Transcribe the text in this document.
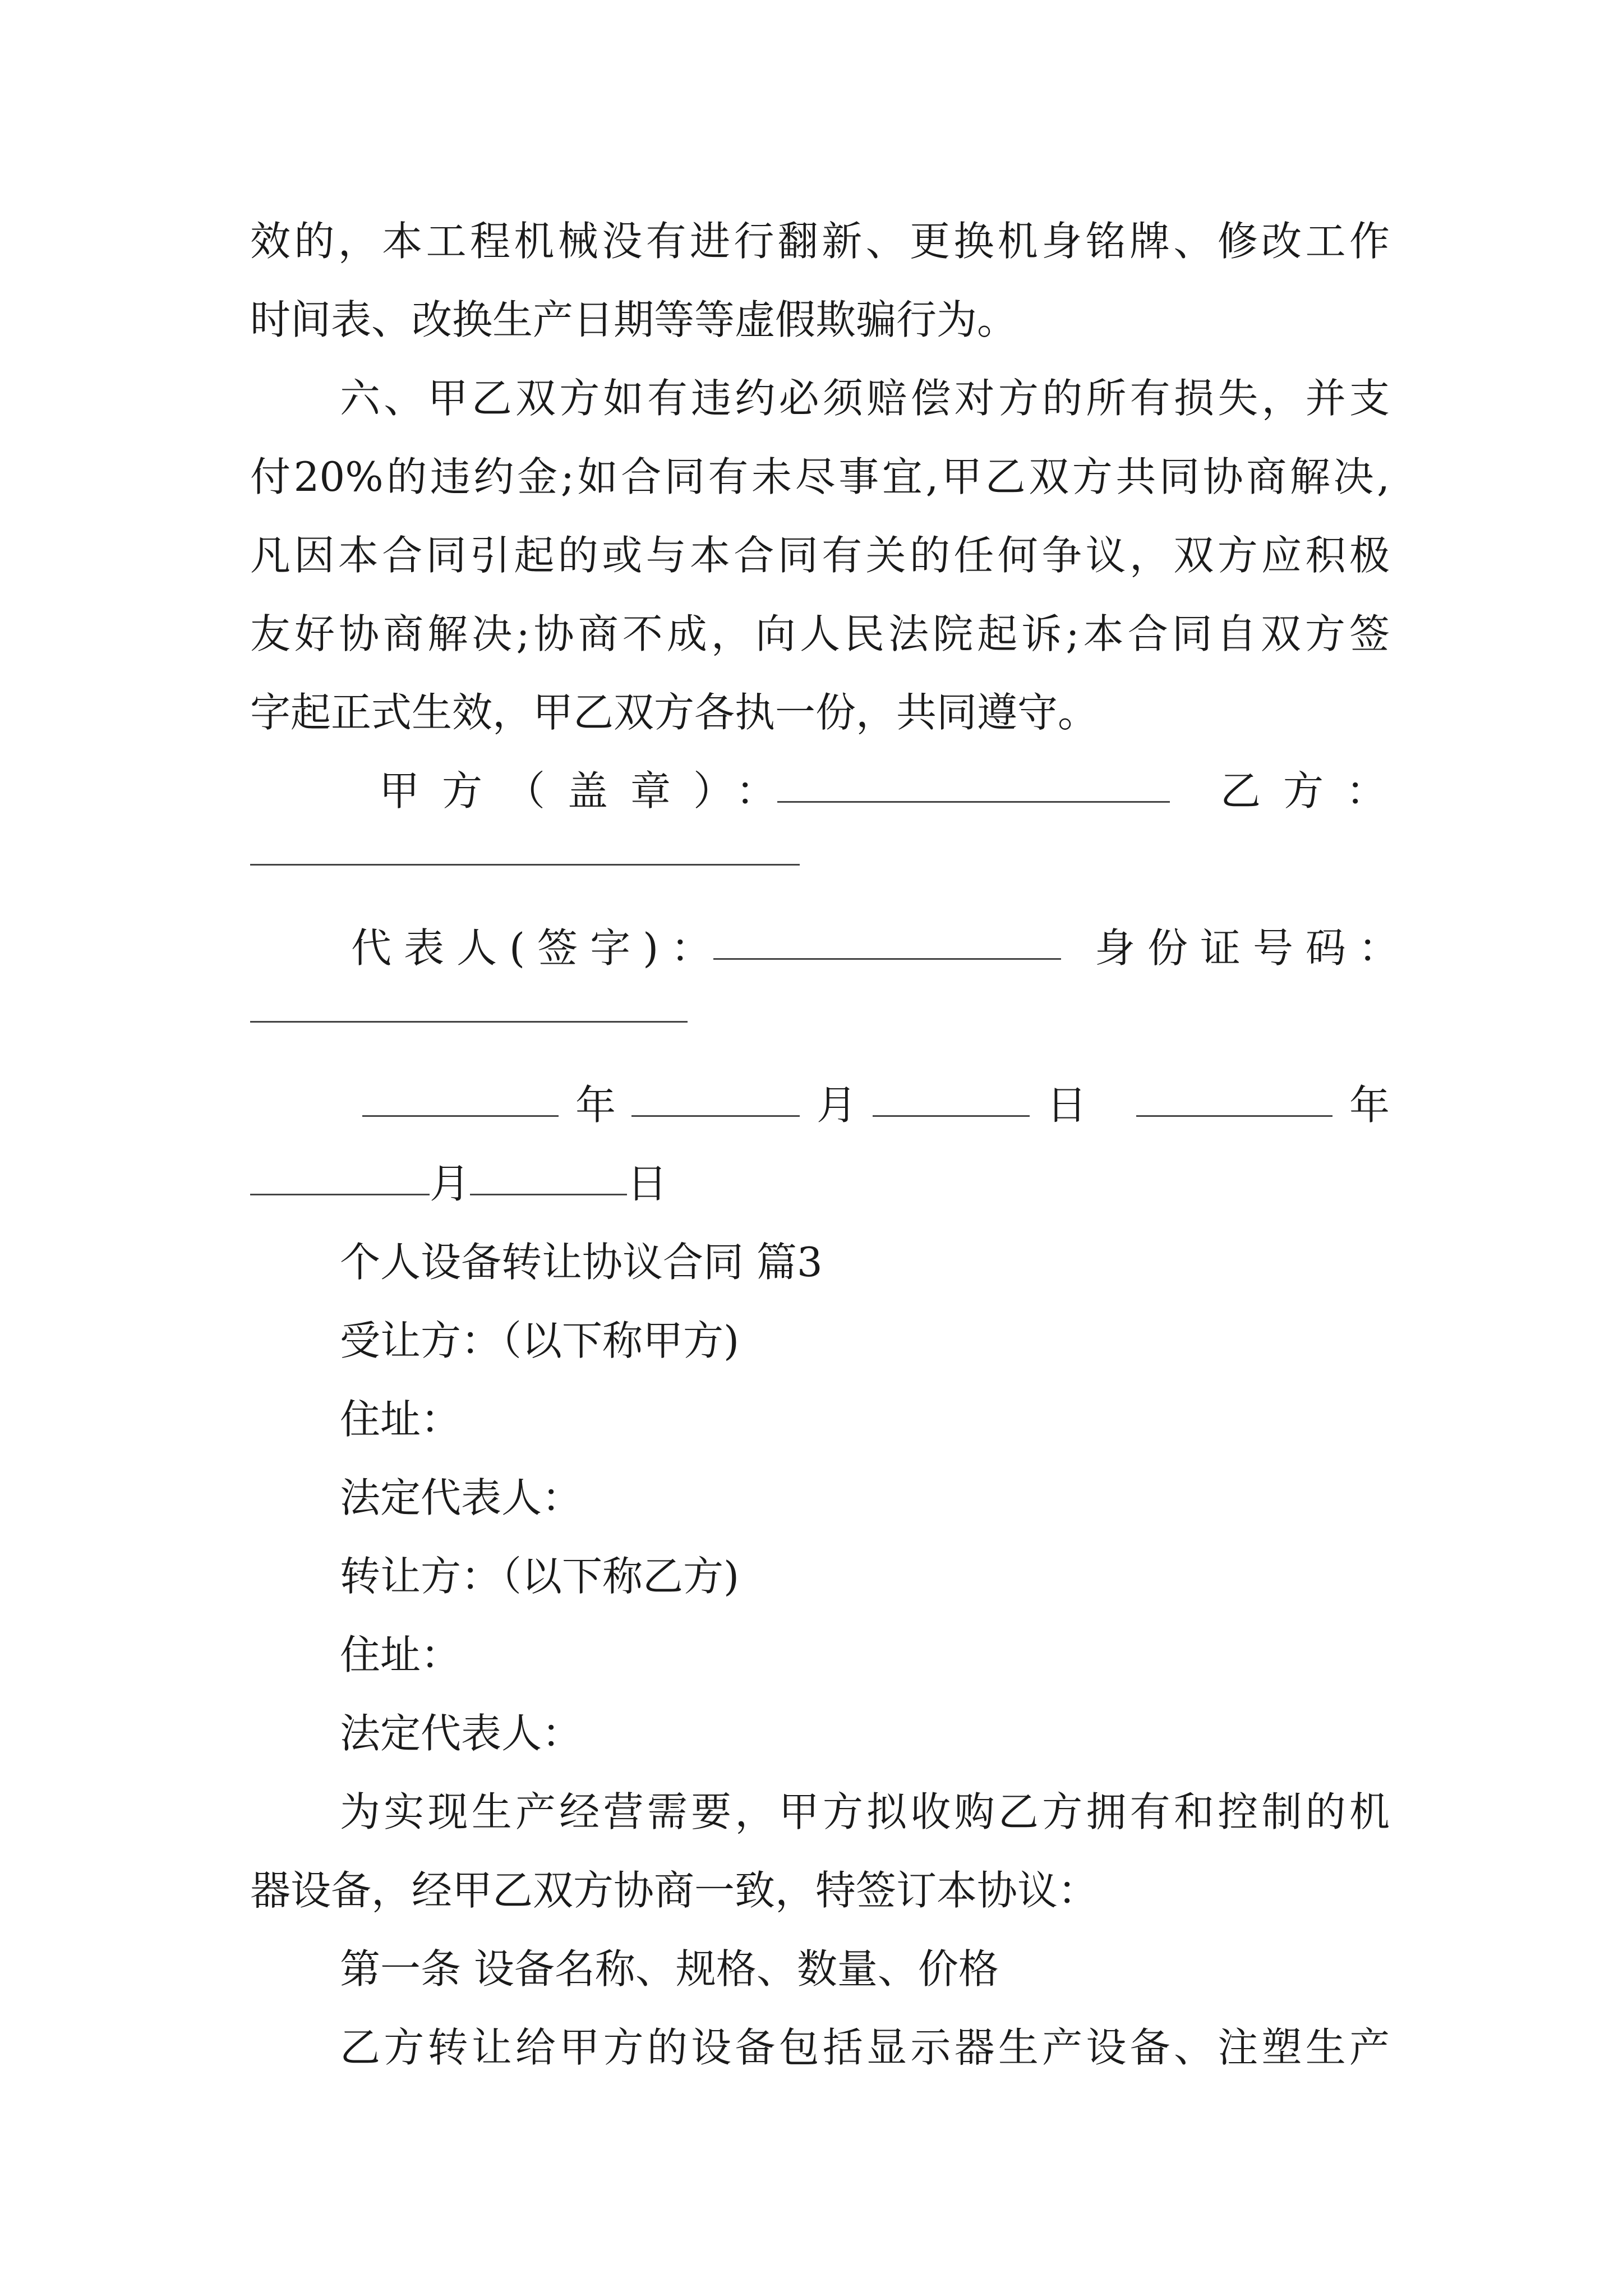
效的，本工程机械没有进行翻新、更换机身铭牌、修改工作
时间表、改换生产日期等等虚假欺骗行为。
六、甲乙双方如有违约必须赔偿对方的所有损失，并支
付20%的违约金;如合同有未尽事宜,甲乙双方共同协商解决,
凡因本合同引起的或与本合同有关的任何争议，双方应积极
友好协商解决;协商不成，向人民法院起诉;本合同自双方签
字起正式生效，甲乙双方各执一份，共同遵守。
甲方（盖章）：	乙方：
代表人(签字)：	身份证号码：
年	月	日	年
月	日
个人设备转让协议合同 篇3
受让方：（以下称甲方)
住址：
法定代表人：
转让方：（以下称乙方)
住址：
法定代表人：
为实现生产经营需要，甲方拟收购乙方拥有和控制的机
器设备，经甲乙双方协商一致，特签订本协议：
第一条 设备名称、规格、数量、价格
乙方转让给甲方的设备包括显示器生产设备、注塑生产
